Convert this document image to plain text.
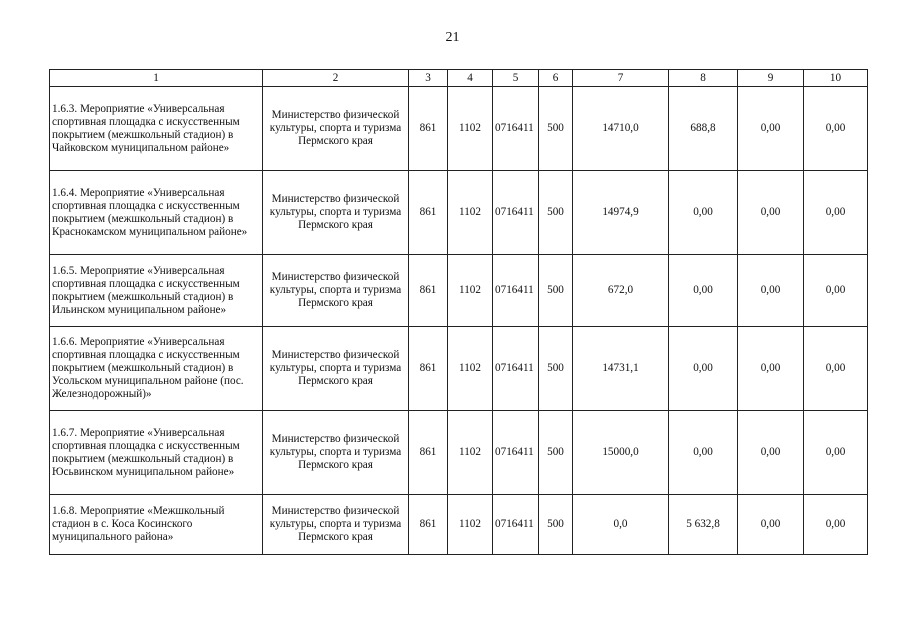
21
1	2	3	4	5	6	7	8	9	10
1.6.3. Мероприятие «Универсальная спортивная площадка с искусственным покрытием (межшкольный стадион) в Чайковском муниципальном районе»	Министерство физической культуры, спорта и туризма Пермского края	861	1102	0716411	500	14710,0	688,8	0,00	0,00
1.6.4. Мероприятие «Универсальная спортивная площадка с искусственным покрытием (межшкольный стадион) в Краснокамском муниципальном районе»	Министерство физической культуры, спорта и туризма Пермского края	861	1102	0716411	500	14974,9	0,00	0,00	0,00
1.6.5. Мероприятие «Универсальная спортивная площадка с искусственным покрытием (межшкольный стадион) в Ильинском муниципальном районе»	Министерство физической культуры, спорта и туризма Пермского края	861	1102	0716411	500	672,0	0,00	0,00	0,00
1.6.6. Мероприятие «Универсальная спортивная площадка с искусственным покрытием (межшкольный стадион) в Усольском муниципальном районе (пос. Железнодорожный)»	Министерство физической культуры, спорта и туризма Пермского края	861	1102	0716411	500	14731,1	0,00	0,00	0,00
1.6.7. Мероприятие «Универсальная спортивная площадка с искусственным покрытием (межшкольный стадион) в Юсьвинском муниципальном районе»	Министерство физической культуры, спорта и туризма Пермского края	861	1102	0716411	500	15000,0	0,00	0,00	0,00
1.6.8. Мероприятие «Межшкольный стадион в с. Коса Косинского муниципального района»	Министерство физической культуры, спорта и туризма Пермского края	861	1102	0716411	500	0,0	5 632,8	0,00	0,00
